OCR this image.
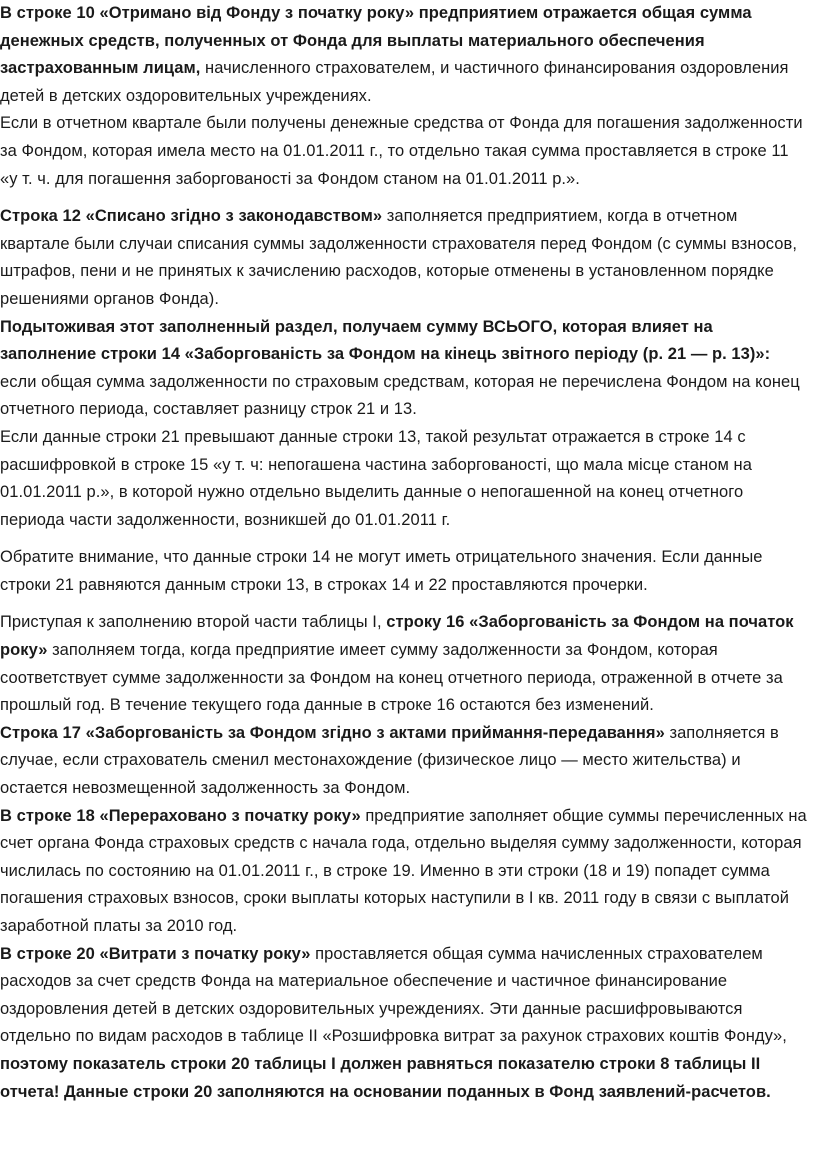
В строке 10 «Отримано від Фонду з початку року» предприятием отражается общая сумма денежных средств, полученных от Фонда для выплаты материального обеспечения застрахованным лицам, начисленного страхователем, и частичного финансирования оздоровления детей в детских оздоровительных учреждениях.

Если в отчетном квартале были получены денежные средства от Фонда для погашения задолженности за Фондом, которая имела место на 01.01.2011 г., то отдельно такая сумма проставляется в строке 11 «у т. ч. для погашення заборгованості за Фондом станом на 01.01.2011 р.».

Строка 12 «Списано згідно з законодавством» заполняется предприятием, когда в отчетном квартале были случаи списания суммы задолженности страхователя перед Фондом (с суммы взносов, штрафов, пени и не принятых к зачислению расходов, которые отменены в установленном порядке решениями органов Фонда).

Подытоживая этот заполненный раздел, получаем сумму ВСЬОГО, которая влияет на заполнение строки 14 «Заборгованість за Фондом на кінець звітного періоду (р. 21 — р. 13)»: если общая сумма задолженности по страховым средствам, которая не перечислена Фондом на конец отчетного периода, составляет разницу строк 21 и 13.

Если данные строки 21 превышают данные строки 13, такой результат отражается в строке 14 с расшифровкой в строке 15 «у т. ч: непогашена частина заборгованості, що мала місце станом на 01.01.2011 р.», в которой нужно отдельно выделить данные о непогашенной на конец отчетного периода части задолженности, возникшей до 01.01.2011 г.

Обратите внимание, что данные строки 14 не могут иметь отрицательного значения. Если данные строки 21 равняются данным строки 13, в строках 14 и 22 проставляются прочерки.

Приступая к заполнению второй части таблицы I, строку 16 «Заборгованість за Фондом на початок року» заполняем тогда, когда предприятие имеет сумму задолженности за Фондом, которая соответствует сумме задолженности за Фондом на конец отчетного периода, отраженной в отчете за прошлый год. В течение текущего года данные в строке 16 остаются без изменений.

Строка 17 «Заборгованість за Фондом згідно з актами приймання-передавання» заполняется в случае, если страхователь сменил местонахождение (физическое лицо — место жительства) и остается невозмещенной задолженность за Фондом.

В строке 18 «Перераховано з початку року» предприятие заполняет общие суммы перечисленных на счет органа Фонда страховых средств с начала года, отдельно выделяя сумму задолженности, которая числилась по состоянию на 01.01.2011 г., в строке 19. Именно в эти строки (18 и 19) попадет сумма погашения страховых взносов, сроки выплаты которых наступили в I кв. 2011 году в связи с выплатой заработной платы за 2010 год.

В строке 20 «Витрати з початку року» проставляется общая сумма начисленных страхователем расходов за счет средств Фонда на материальное обеспечение и частичное финансирование оздоровления детей в детских оздоровительных учреждениях. Эти данные расшифровываются отдельно по видам расходов в таблице II «Розшифровка витрат за рахунок страхових коштів Фонду», поэтому показатель строки 20 таблицы I должен равняться показателю строки 8 таблицы II отчета! Данные строки 20 заполняются на основании поданных в Фонд заявлений-расчетов.
